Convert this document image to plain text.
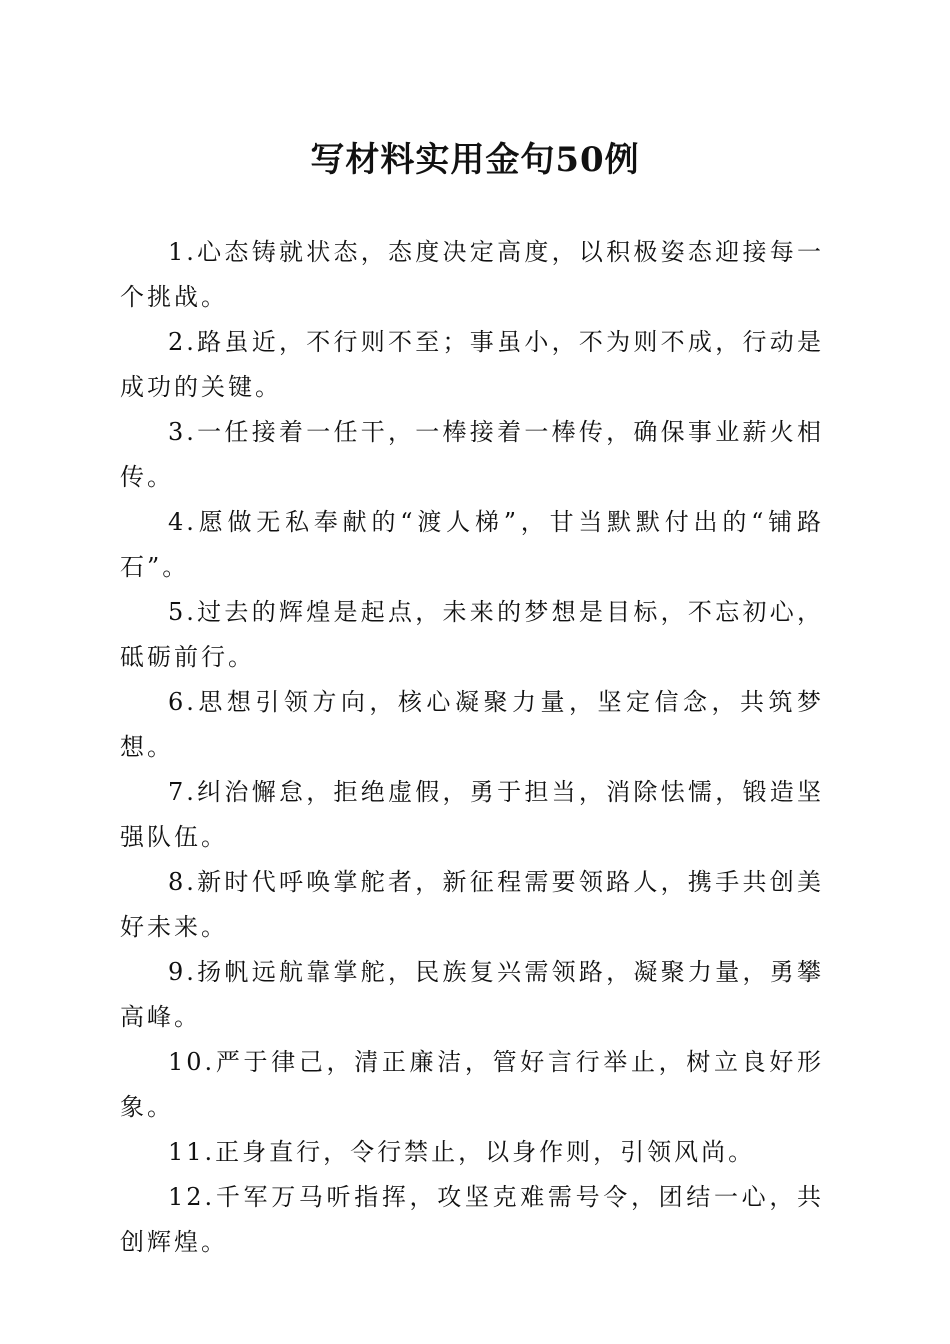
写材料实用金句50例

1.心态铸就状态，态度决定高度，以积极姿态迎接每一个挑战。

2.路虽近，不行则不至；事虽小，不为则不成，行动是成功的关键。

3.一任接着一任干，一棒接着一棒传，确保事业薪火相传。

4.愿做无私奉献的“渡人梯”，甘当默默付出的“铺路石”。

5.过去的辉煌是起点，未来的梦想是目标，不忘初心，砥砺前行。

6.思想引领方向，核心凝聚力量，坚定信念，共筑梦想。

7.纠治懈怠，拒绝虚假，勇于担当，消除怯懦，锻造坚强队伍。

8.新时代呼唤掌舵者，新征程需要领路人，携手共创美好未来。

9.扬帆远航靠掌舵，民族复兴需领路，凝聚力量，勇攀高峰。

10.严于律己，清正廉洁，管好言行举止，树立良好形象。

11.正身直行，令行禁止，以身作则，引领风尚。

12.千军万马听指挥，攻坚克难需号令，团结一心，共创辉煌。
